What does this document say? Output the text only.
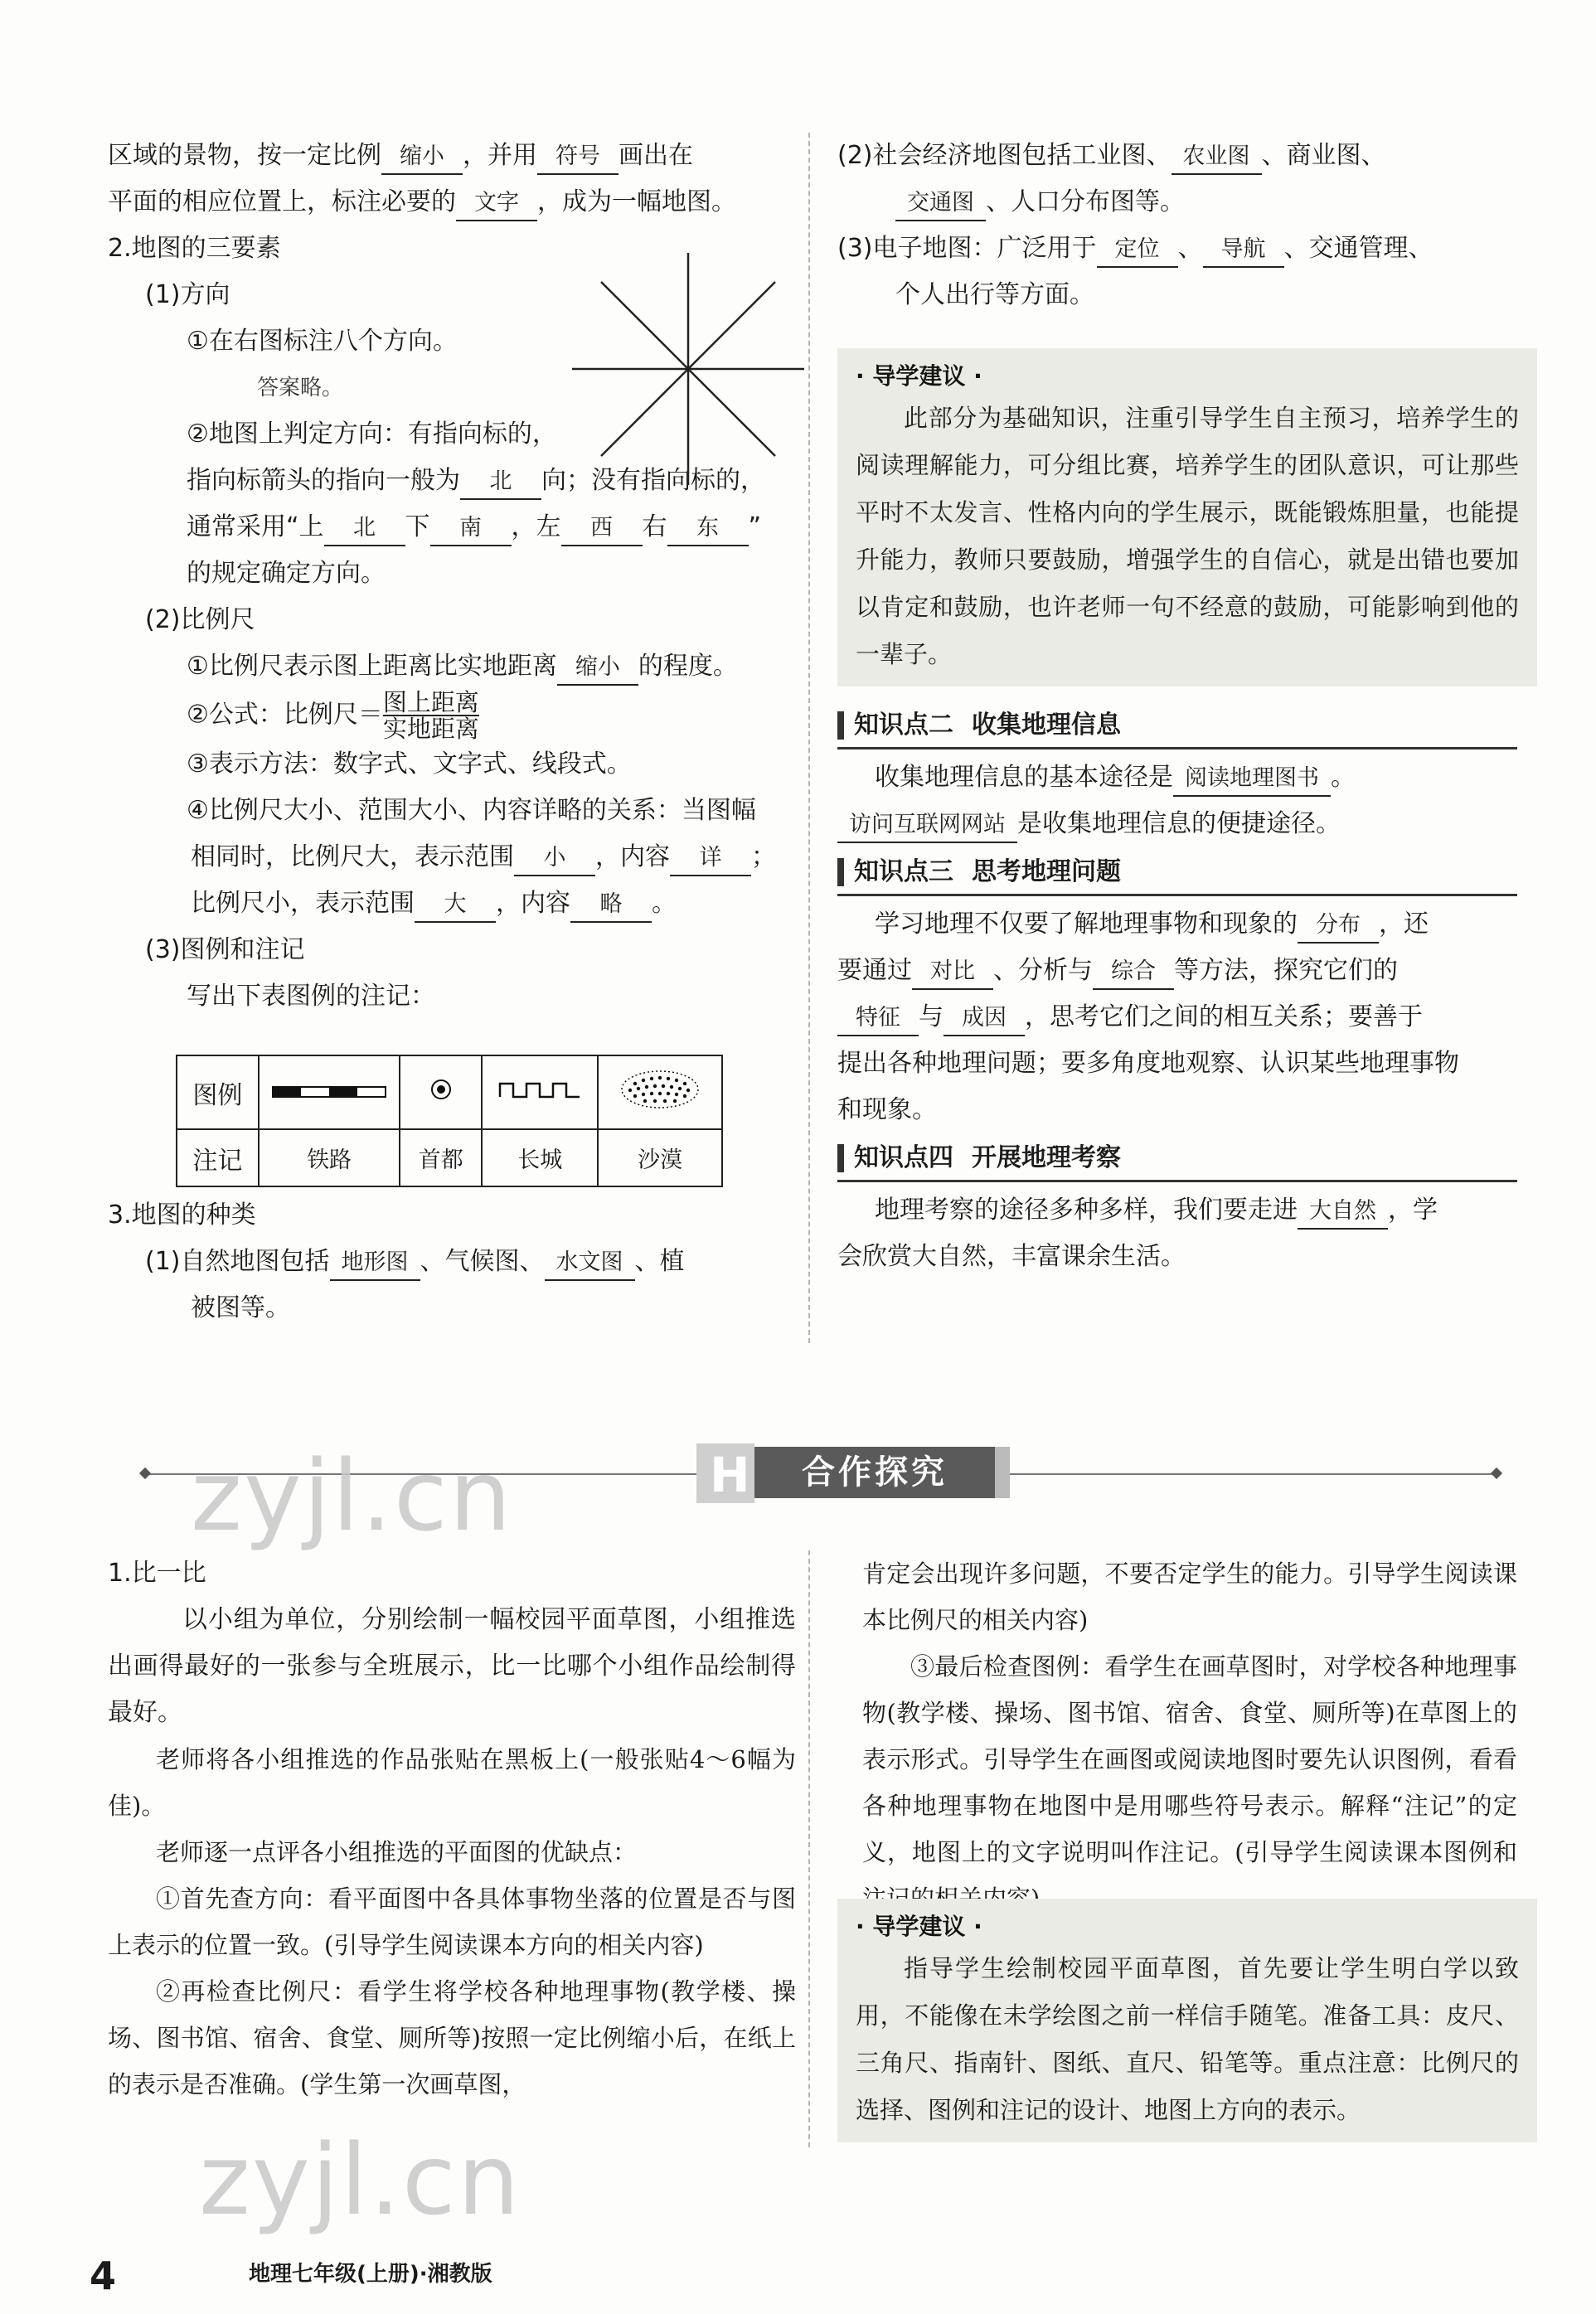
区域的景物，按一定比例 缩小 ，并用 符号 画出在
平面的相应位置上，标注必要的 文字 ，成为一幅地图。
2.地图的三要素
(1)方向
①在右图标注八个方向。
答案略。
②地图上判定方向：有指向标的，
指向标箭头的指向一般为 北 向；没有指向标的，
通常采用“上 北 下 南 ，左 西 右 东 ”
的规定确定方向。
(2)比例尺
①比例尺表示图上距离比实地距离 缩小 的程度。
②公式：比例尺＝ $\frac{\text{图上距离}}{\text{实地距离}}$
③表示方法：数字式、文字式、线段式。
④比例尺大小、范围大小、内容详略的关系：当图幅
相同时，比例尺大，表示范围 小 ，内容 详 ；
比例尺小，表示范围 大 ，内容 略 。
(3)图例和注记
写出下表图例的注记：
图例				
注记	铁路	首都	长城	沙漠
3.地图的种类
(1)自然地图包括 地形图 、气候图、 水文图 、植
被图等。
(2)社会经济地图包括工业图、 农业图 、商业图、
交通图 、人口分布图等。
(3)电子地图：广泛用于 定位 、 导航 、交通管理、
个人出行等方面。
· 导学建议 ·

此部分为基础知识，注重引导学生自主预习，培养学生的阅读理解能力，可分组比赛，培养学生的团队意识，可让那些平时不太发言、性格内向的学生展示，既能锻炼胆量，也能提升能力，教师只要鼓励，增强学生的自信心，就是出错也要加以肯定和鼓励，也许老师一句不经意的鼓励，可能影响到他的一辈子。

知识点二 收集地理信息
收集地理信息的基本途径是 阅读地理图书 。
访问互联网网站 是收集地理信息的便捷途径。
知识点三 思考地理问题
学习地理不仅要了解地理事物和现象的 分布 ，还
要通过 对比 、分析与 综合 等方法，探究它们的
特征 与 成因 ，思考它们之间的相互关系；要善于
提出各种地理问题；要多角度地观察、认识某些地理事物
和现象。
知识点四 开展地理考察
地理考察的途径多种多样，我们要走进 大自然 ，学
会欣赏大自然，丰富课余生活。
H
合作探究
zyjl.cn

1.比一比

以小组为单位，分别绘制一幅校园平面草图，小组推选出画得最好的一张参与全班展示，比一比哪个小组作品绘制得最好。

老师将各小组推选的作品张贴在黑板上(一般张贴4～6幅为佳)。

老师逐一点评各小组推选的平面图的优缺点：

①首先查方向：看平面图中各具体事物坐落的位置是否与图上表示的位置一致。(引导学生阅读课本方向的相关内容)

②再检查比例尺：看学生将学校各种地理事物(教学楼、操场、图书馆、宿舍、食堂、厕所等)按照一定比例缩小后，在纸上的表示是否准确。(学生第一次画草图，

肯定会出现许多问题，不要否定学生的能力。引导学生阅读课本比例尺的相关内容)

③最后检查图例：看学生在画草图时，对学校各种地理事物(教学楼、操场、图书馆、宿舍、食堂、厕所等)在草图上的表示形式。引导学生在画图或阅读地图时要先认识图例，看看各种地理事物在地图中是用哪些符号表示。解释“注记”的定义，地图上的文字说明叫作注记。(引导学生阅读课本图例和

· 导学建议 ·

指导学生绘制校园平面草图，首先要让学生明白学以致用，不能像在未学绘图之前一样信手随笔。准备工具：皮尺、三角尺、指南针、图纸、直尺、铅笔等。重点注意：比例尺的选择、图例和注记的设计、地图上方向的表示。

zyjl.cn
4	地理七年级(上册)·湘教版
